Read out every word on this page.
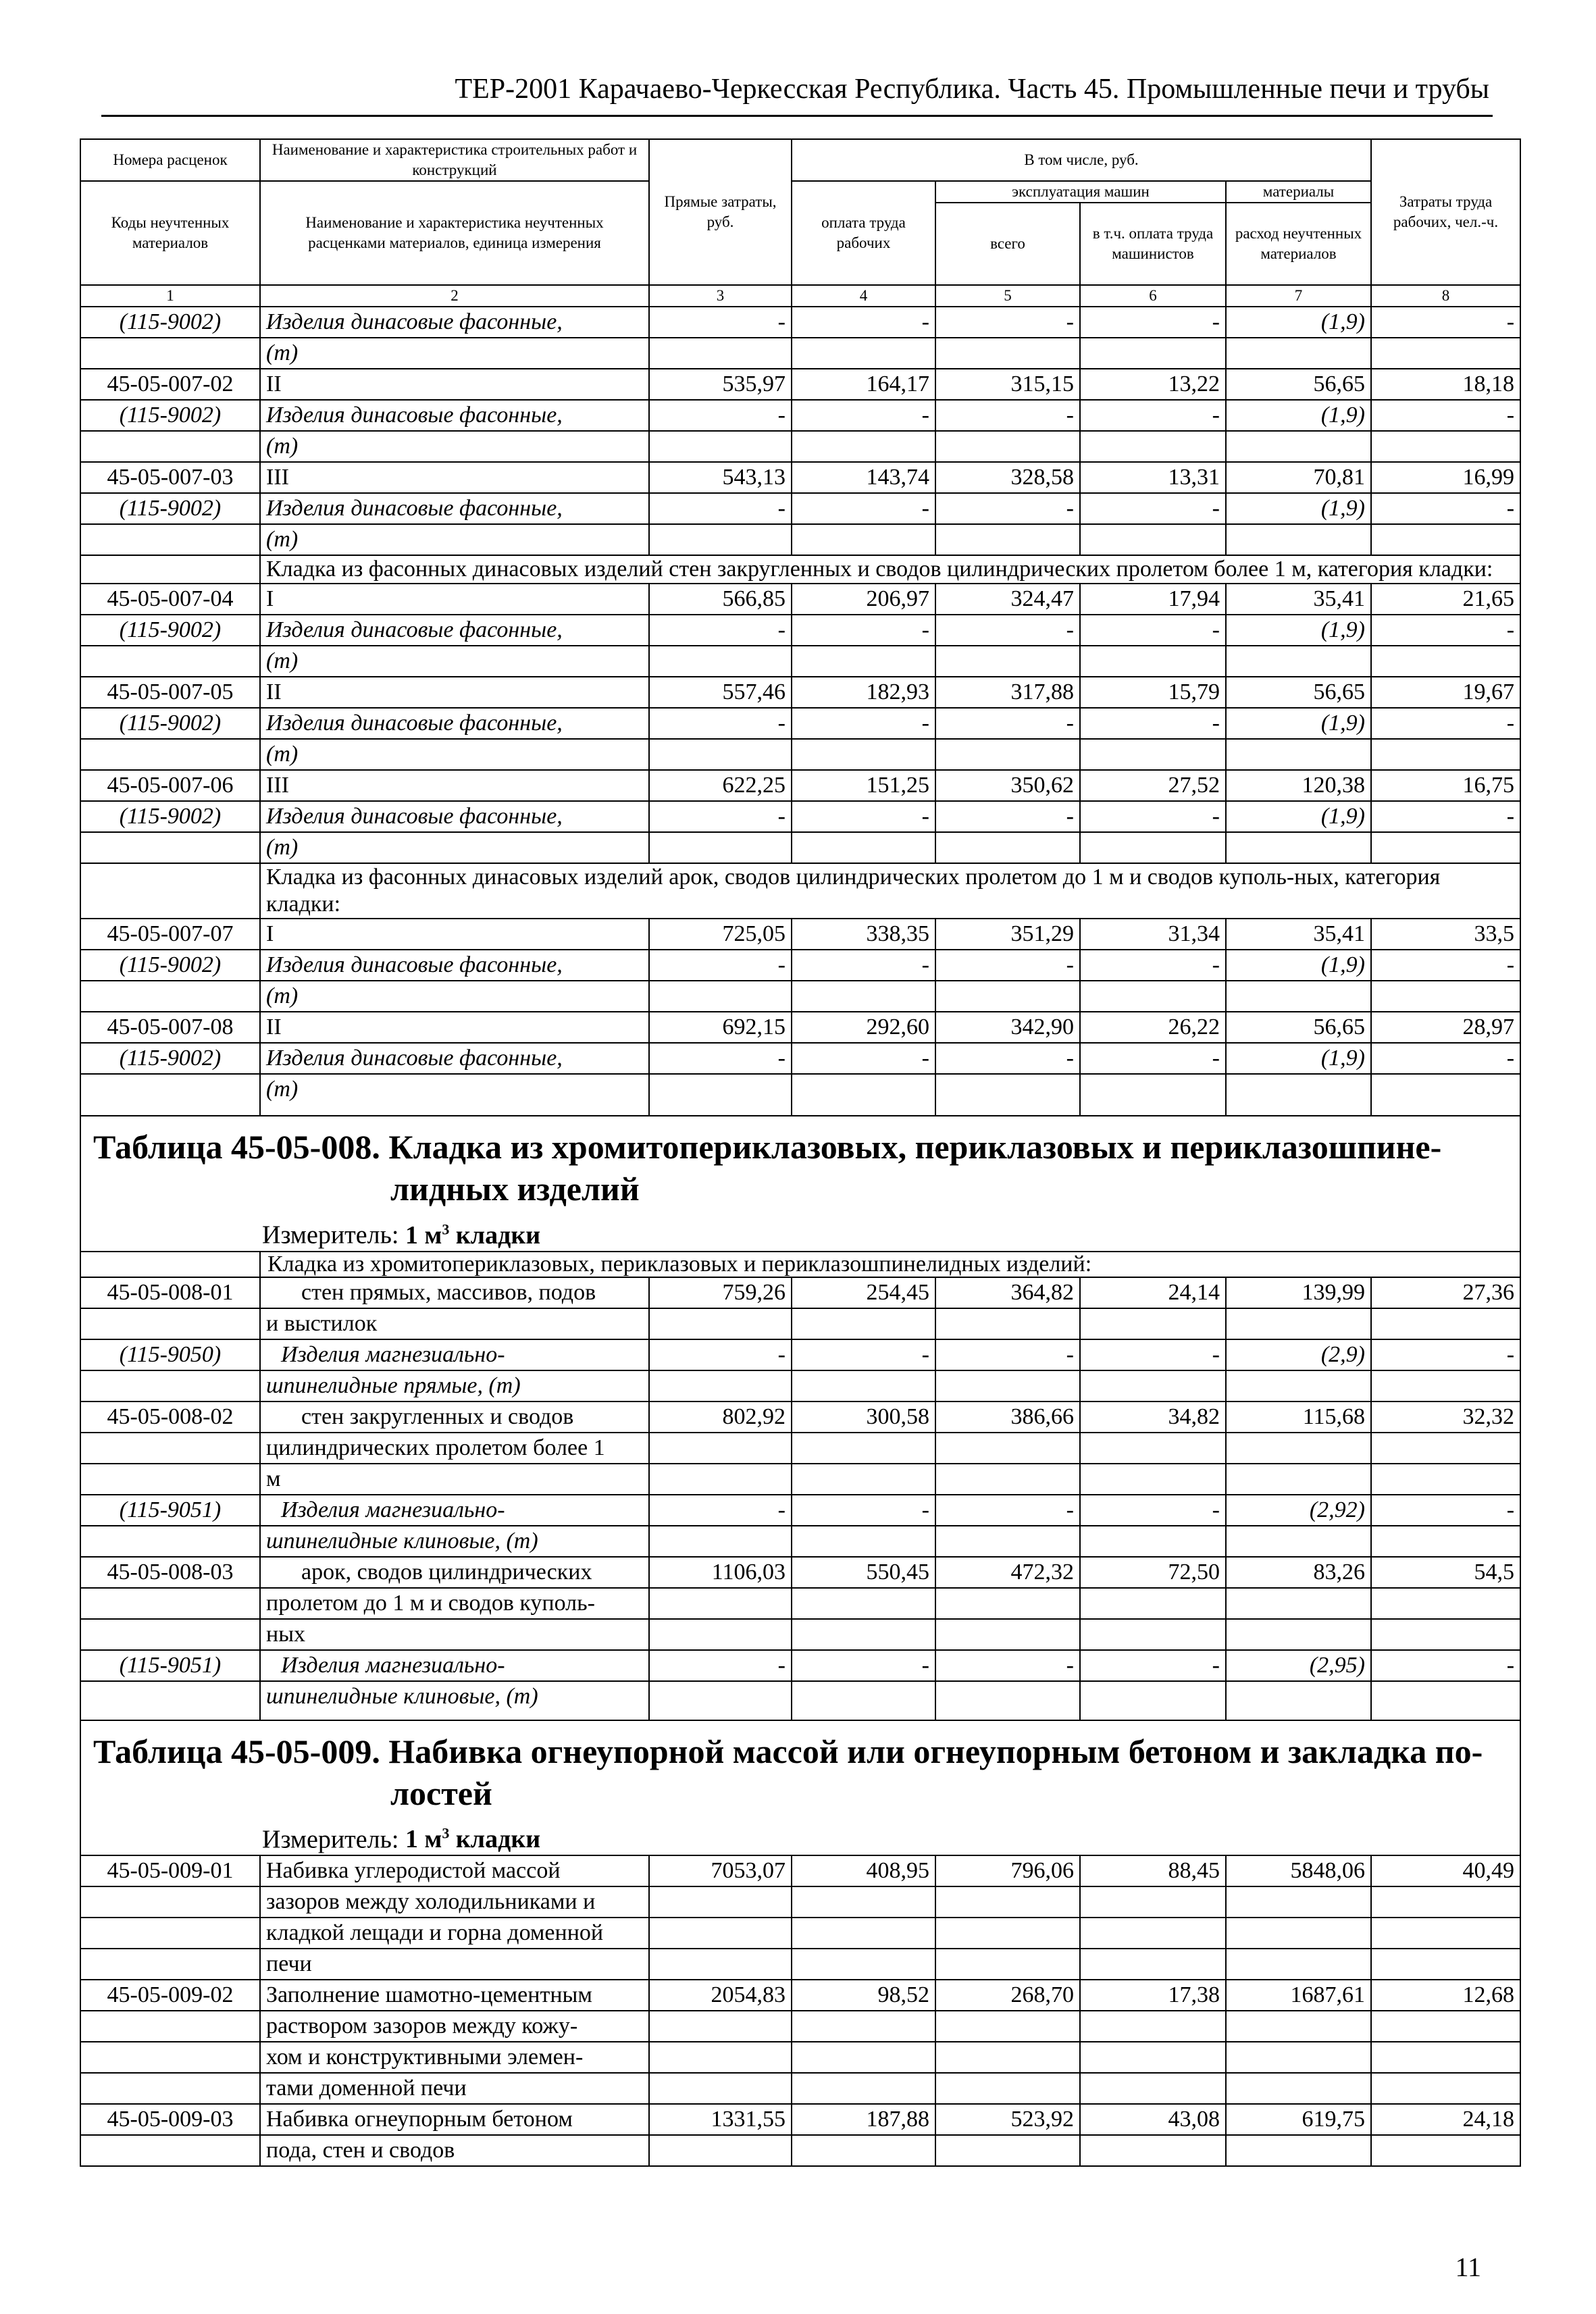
ТЕР-2001 Карачаево-Черкесская Республика. Часть 45. Промышленные печи и трубы
Номера расценок	Наименование и характеристика строительных работ и конструкций	Прямые затраты, руб.	В том числе, руб.				Затраты труда рабочих, чел.-ч.
Коды неучтенных материалов	Наименование и характеристика неучтенных расценками материалов, единица измерения		оплата труда рабочих	эксплуатация машин		материалы	
				всего	в т.ч. оплата труда машинистов	расход неучтенных материалов	
1	2	3	4	5	6	7	8
(115-9002)	Изделия динасовые фасонные,	-	-	-	-	(1,9)	-
	(т)						
45-05-007-02	II	535,97	164,17	315,15	13,22	56,65	18,18
(115-9002)	Изделия динасовые фасонные,	-	-	-	-	(1,9)	-
	(т)						
45-05-007-03	III	543,13	143,74	328,58	13,31	70,81	16,99
(115-9002)	Изделия динасовые фасонные,	-	-	-	-	(1,9)	-
	(т)						
	Кладка из фасонных динасовых изделий стен закругленных и сводов цилиндрических пролетом более 1 м, категория кладки:						
45-05-007-04	I	566,85	206,97	324,47	17,94	35,41	21,65
(115-9002)	Изделия динасовые фасонные,	-	-	-	-	(1,9)	-
	(т)						
45-05-007-05	II	557,46	182,93	317,88	15,79	56,65	19,67
(115-9002)	Изделия динасовые фасонные,	-	-	-	-	(1,9)	-
	(т)						
45-05-007-06	III	622,25	151,25	350,62	27,52	120,38	16,75
(115-9002)	Изделия динасовые фасонные,	-	-	-	-	(1,9)	-
	(т)						
	Кладка из фасонных динасовых изделий арок, сводов цилиндрических пролетом до 1 м и сводов куполь-ных, категория кладки:						
45-05-007-07	I	725,05	338,35	351,29	31,34	35,41	33,5
(115-9002)	Изделия динасовые фасонные,	-	-	-	-	(1,9)	-
	(т)						
45-05-007-08	II	692,15	292,60	342,90	26,22	56,65	28,97
(115-9002)	Изделия динасовые фасонные,	-	-	-	-	(1,9)	-
	(т)						

Таблица 45-05-008. Кладка из хромитопериклазовых, периклазовых и периклазошпине-
лидных изделий
Измеритель: 1 $м^3$ кладки							

	Кладка из хромитопериклазовых, периклазовых и периклазошпинелидных изделий:						
45-05-008-01	стен прямых, массивов, подов	759,26	254,45	364,82	24,14	139,99	27,36
	и выстилок						
(115-9050)	Изделия магнезиально-	-	-	-	-	(2,9)	-
	шпинелидные прямые, (т)						
45-05-008-02	стен закругленных и сводов	802,92	300,58	386,66	34,82	115,68	32,32
	цилиндрических пролетом более 1						
	м						
(115-9051)	Изделия магнезиально-	-	-	-	-	(2,92)	-
	шпинелидные клиновые, (т)						
45-05-008-03	арок, сводов цилиндрических	1106,03	550,45	472,32	72,50	83,26	54,5
	пролетом до 1 м и сводов куполь-						
	ных						
(115-9051)	Изделия магнезиально-	-	-	-	-	(2,95)	-
	шпинелидные клиновые, (т)						

Таблица 45-05-009. Набивка огнеупорной массой или огнеупорным бетоном и закладка по-
лостей
Измеритель: 1 $м^3$ кладки							

45-05-009-01	Набивка углеродистой массой	7053,07	408,95	796,06	88,45	5848,06	40,49
	зазоров между холодильниками и						
	кладкой лещади и горна доменной						
	печи						
45-05-009-02	Заполнение шамотно-цементным	2054,83	98,52	268,70	17,38	1687,61	12,68
	раствором зазоров между кожу-						
	хом и конструктивными элемен-						
	тами доменной печи						
45-05-009-03	Набивка огнеупорным бетоном	1331,55	187,88	523,92	43,08	619,75	24,18
	пода, стен и сводов						
11
